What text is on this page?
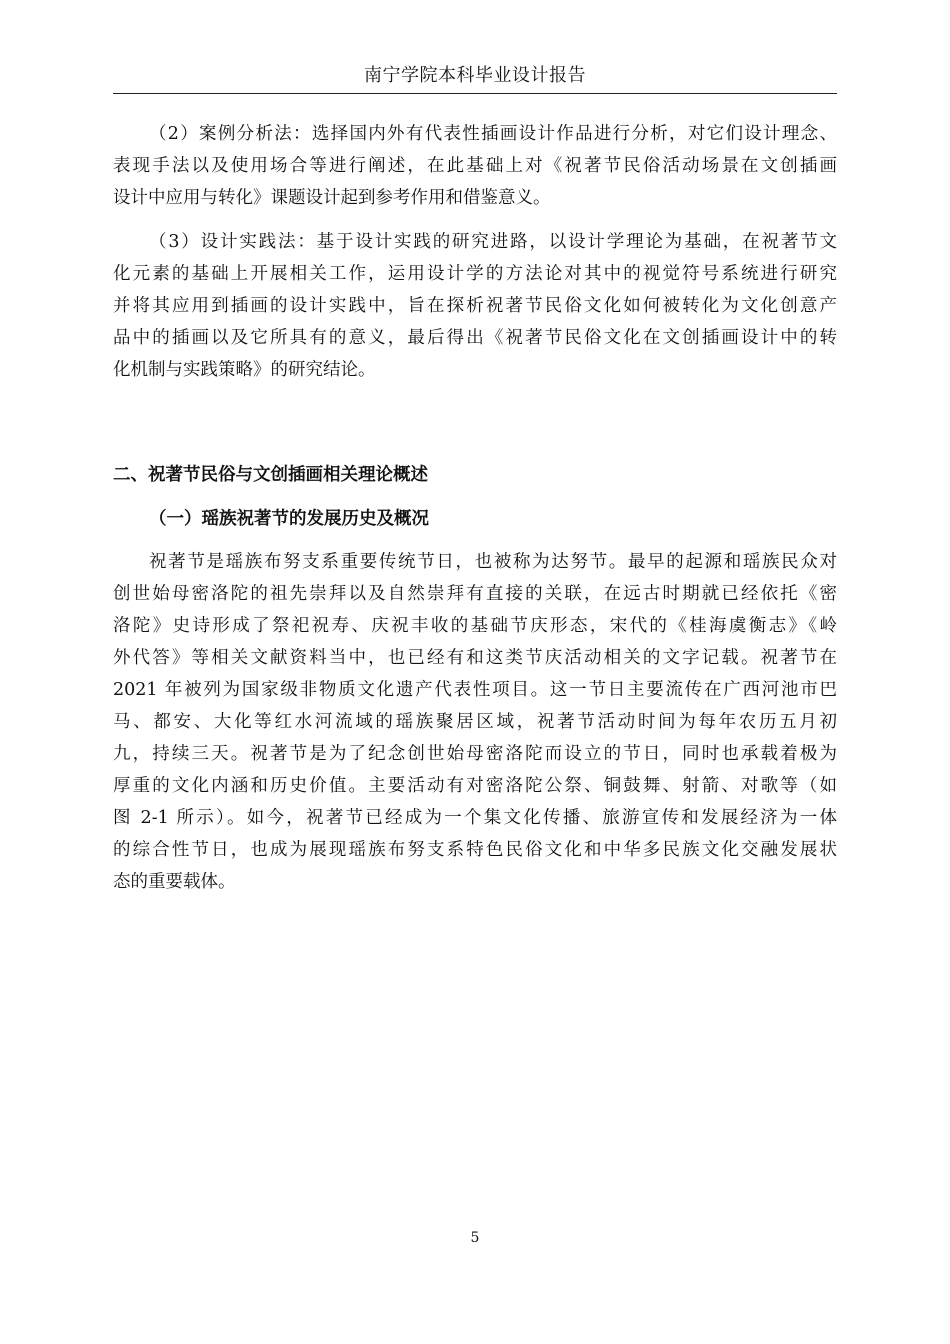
南宁学院本科毕业设计报告
（2）案例分析法：选择国内外有代表性插画设计作品进行分析，对它们设计理念、
表现手法以及使用场合等进行阐述，在此基础上对《祝著节民俗活动场景在文创插画
设计中应用与转化》课题设计起到参考作用和借鉴意义。
（3）设计实践法：基于设计实践的研究进路，以设计学理论为基础，在祝著节文
化元素的基础上开展相关工作，运用设计学的方法论对其中的视觉符号系统进行研究
并将其应用到插画的设计实践中，旨在探析祝著节民俗文化如何被转化为文化创意产
品中的插画以及它所具有的意义，最后得出《祝著节民俗文化在文创插画设计中的转
化机制与实践策略》的研究结论。
二、祝著节民俗与文创插画相关理论概述
（一）瑶族祝著节的发展历史及概况
祝著节是瑶族布努支系重要传统节日，也被称为达努节。最早的起源和瑶族民众对
创世始母密洛陀的祖先崇拜以及自然崇拜有直接的关联，在远古时期就已经依托《密
洛陀》史诗形成了祭祀祝寿、庆祝丰收的基础节庆形态，宋代的《桂海虞衡志》《岭
外代答》等相关文献资料当中，也已经有和这类节庆活动相关的文字记载。祝著节在
2021 年被列为国家级非物质文化遗产代表性项目。这一节日主要流传在广西河池市巴
马、都安、大化等红水河流域的瑶族聚居区域，祝著节活动时间为每年农历五月初
九，持续三天。祝著节是为了纪念创世始母密洛陀而设立的节日，同时也承载着极为
厚重的文化内涵和历史价值。主要活动有对密洛陀公祭、铜鼓舞、射箭、对歌等（如
图 2-1 所示）。如今，祝著节已经成为一个集文化传播、旅游宣传和发展经济为一体
的综合性节日，也成为展现瑶族布努支系特色民俗文化和中华多民族文化交融发展状
态的重要载体。
5
